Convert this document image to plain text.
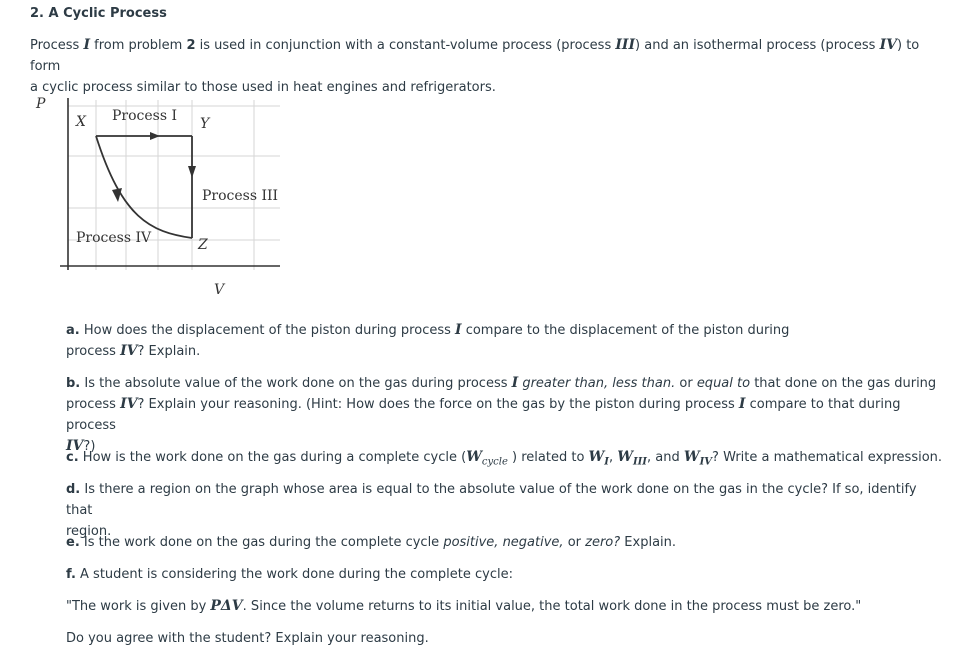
2. A Cyclic Process
Process I from problem 2 is used in conjunction with a constant-volume process (process III) and an isothermal process (process IV) to form
a cyclic process similar to those used in heat engines and refrigerators.
P
X Process I Y
Process III
Process IV	Z
V
a. How does the displacement of the piston during process I compare to the displacement of the piston during
process IV? Explain.
b. Is the absolute value of the work done on the gas during process I greater than, less than. or equal to that done on the gas during
process IV? Explain your reasoning. (Hint: How does the force on the gas by the piston during process I compare to that during process
IV?)
c. How is the work done on the gas during a complete cycle ($W_{cycle}$ ) related to $W_I$, $W_{III}$, and $W_{IV}$? Write a mathematical expression.
d. Is there a region on the graph whose area is equal to the absolute value of the work done on the gas in the cycle? If so, identify that
region.
e. Is the work done on the gas during the complete cycle positive, negative, or zero? Explain.
f. A student is considering the work done during the complete cycle:
"The work is given by PΔV. Since the volume returns to its initial value, the total work done in the process must be zero."
Do you agree with the student? Explain your reasoning.
